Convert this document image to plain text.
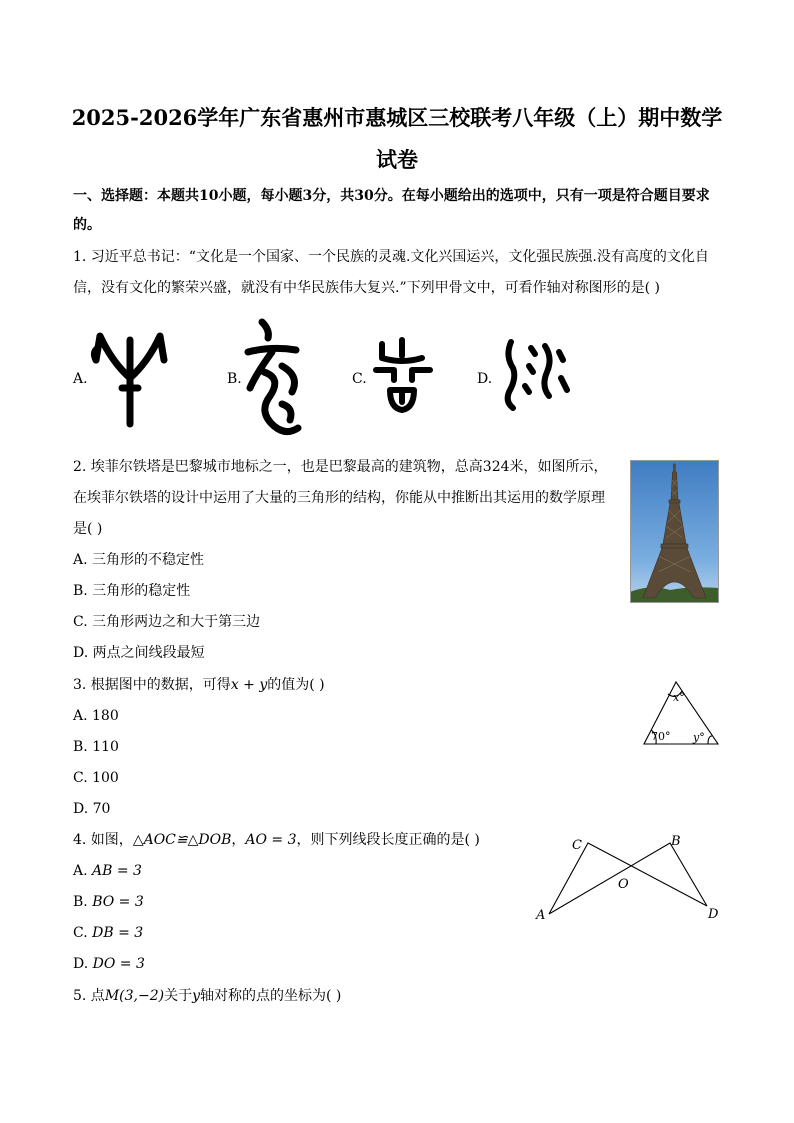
2025-2026学年广东省惠州市惠城区三校联考八年级（上）期中数学
试卷
一、选择题：本题共10小题，每小题3分，共30分。在每小题给出的选项中，只有一项是符合题目要求
的。
1. 习近平总书记：“文化是一个国家、一个民族的灵魂.文化兴国运兴，文化强民族强.没有高度的文化自
信，没有文化的繁荣兴盛，就没有中华民族伟大复兴.”下列甲骨文中，可看作轴对称图形的是( )
A.	B.	C.	D.
2. 埃菲尔铁塔是巴黎城市地标之一，也是巴黎最高的建筑物，总高324米，如图所示，
在埃菲尔铁塔的设计中运用了大量的三角形的结构，你能从中推断出其运用的数学原理
是( )
A. 三角形的不稳定性
B. 三角形的稳定性
C. 三角形两边之和大于第三边
D. 两点之间线段最短
3. 根据图中的数据，可得x + y的值为( )
A. 180
B. 110
C. 100
D. 70
x°
70° y°
4. 如图，△AOC≌△DOB，AO = 3，则下列线段长度正确的是( )
A. AB = 3
B. BO = 3
C. DB = 3
D. DO = 3
C	B
O
A	D
5. 点M(3,−2)关于y轴对称的点的坐标为( )
